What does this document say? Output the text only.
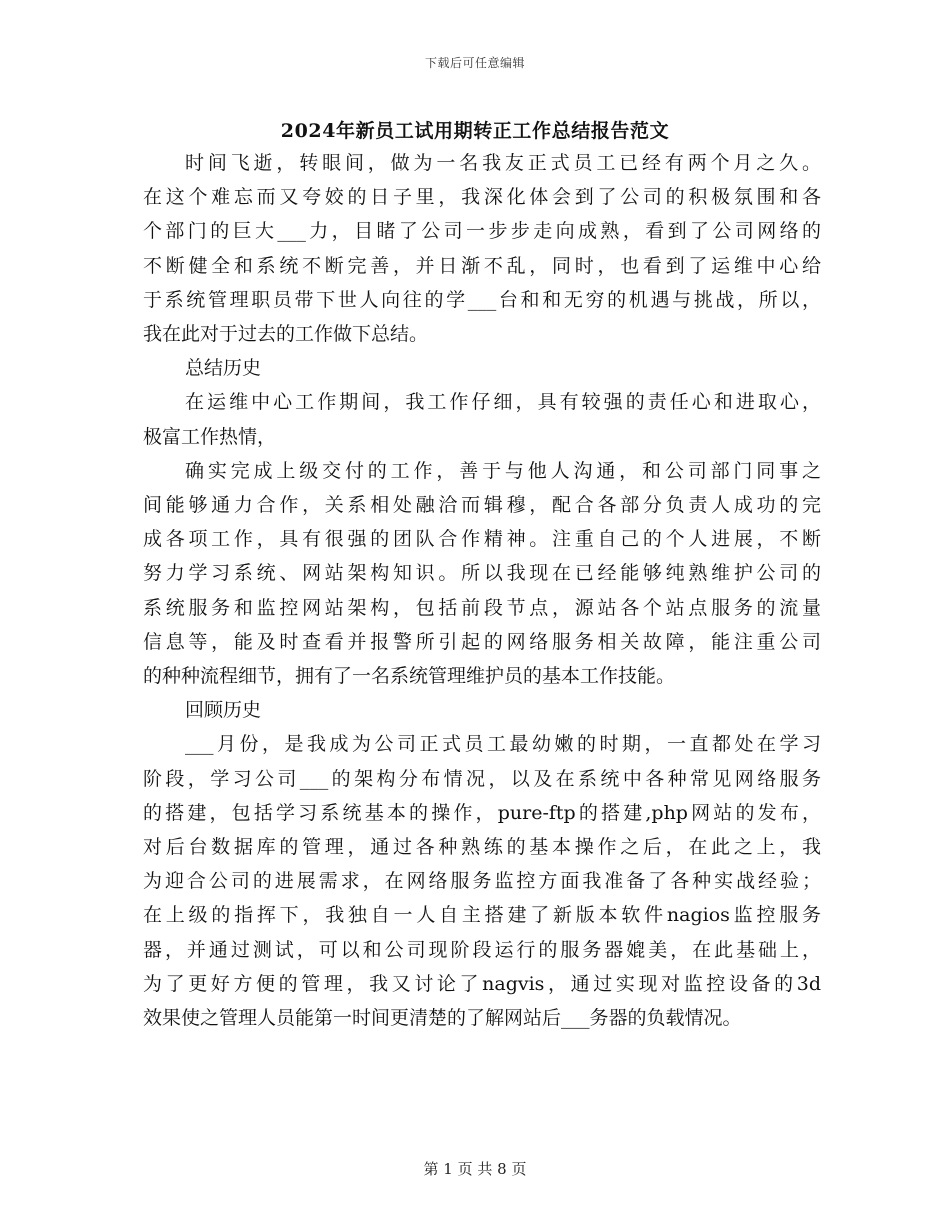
下载后可任意编辑
2024年新员工试用期转正工作总结报告范文

时间飞逝，转眼间，做为一名我友正式员工已经有两个月之久。
在这个难忘而又夸姣的日子里，我深化体会到了公司的积极氛围和各
个部门的巨大___力，目睹了公司一步步走向成熟，看到了公司网络的
不断健全和系统不断完善，并日渐不乱，同时，也看到了运维中心给
于系统管理职员带下世人向往的学___台和和无穷的机遇与挑战，所以，
我在此对于过去的工作做下总结。

总结历史

在运维中心工作期间，我工作仔细，具有较强的责任心和进取心，
极富工作热情，

确实完成上级交付的工作，善于与他人沟通，和公司部门同事之
间能够通力合作，关系相处融洽而辑穆，配合各部分负责人成功的完
成各项工作，具有很强的团队合作精神。注重自己的个人进展，不断
努力学习系统、网站架构知识。所以我现在已经能够纯熟维护公司的
系统服务和监控网站架构，包括前段节点，源站各个站点服务的流量
信息等，能及时查看并报警所引起的网络服务相关故障，能注重公司
的种种流程细节，拥有了一名系统管理维护员的基本工作技能。

回顾历史

___月份，是我成为公司正式员工最幼嫩的时期，一直都处在学习
阶段，学习公司___的架构分布情况，以及在系统中各种常见网络服务
的搭建，包括学习系统基本的操作，pure-ftp的搭建,php网站的发布，
对后台数据库的管理，通过各种熟练的基本操作之后，在此之上，我
为迎合公司的进展需求，在网络服务监控方面我准备了各种实战经验；
在上级的指挥下，我独自一人自主搭建了新版本软件nagios监控服务
器，并通过测试，可以和公司现阶段运行的服务器媲美，在此基础上，
为了更好方便的管理，我又讨论了nagvis，通过实现对监控设备的3d
效果使之管理人员能第一时间更清楚的了解网站后___务器的负载情况。

第 1 页 共 8 页
